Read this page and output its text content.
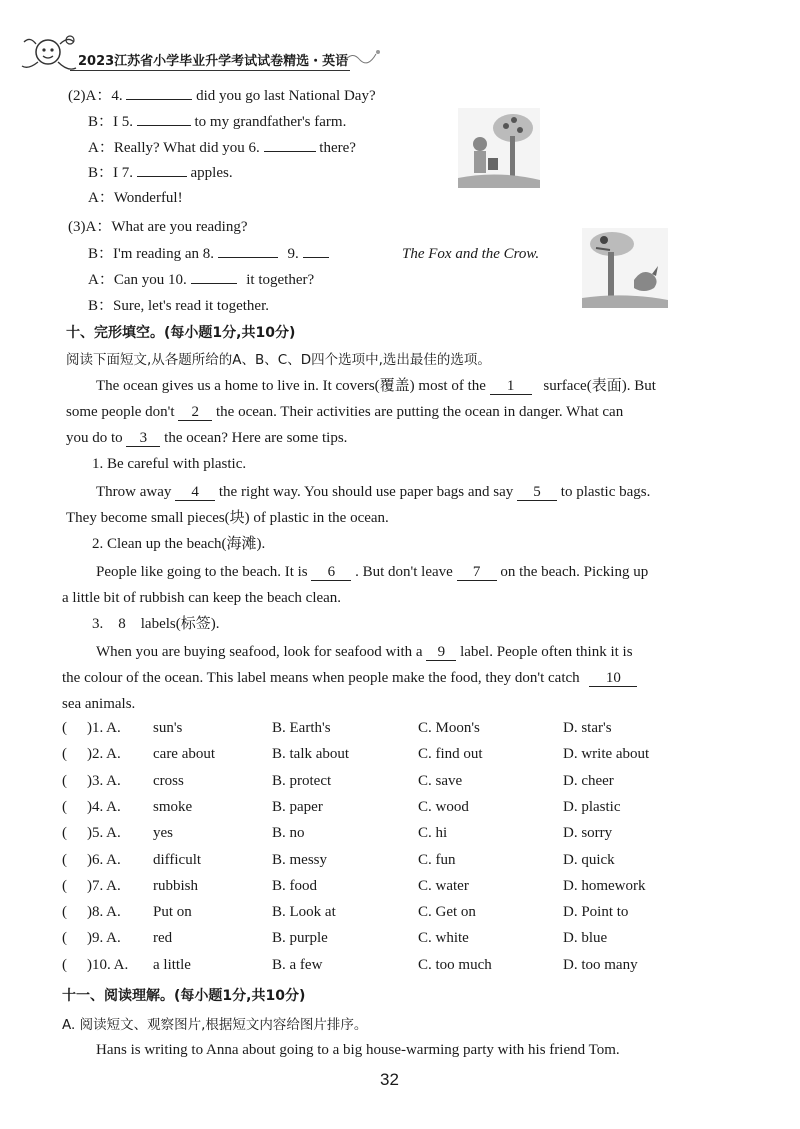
2023江苏省小学毕业升学考试试卷精选・英语
(2)A：4.	did you go last National Day?
B：I 5.	to my grandfather's farm.
A：Really? What did you 6.	there?
B：I 7.	apples.
A：Wonderful!
(3)A：What are you reading?
B：I'm reading an 8.	9.	The Fox and the Crow.
A：Can you 10.	it together?
B：Sure, let's read it together.
十、完形填空。(每小题1分,共10分)
阅读下面短文,从各题所给的A、B、C、D四个选项中,选出最佳的选项。
The ocean gives us a home to live in. It covers(覆盖) most of the 1 surface(表面). But
some people don't 2 the ocean. Their activities are putting the ocean in danger. What can
you do to 3 the ocean? Here are some tips.
1. Be careful with plastic.
Throw away 4 the right way. You should use paper bags and say 5 to plastic bags.
They become small pieces(块) of plastic in the ocean.
2. Clean up the beach(海滩).
People like going to the beach. It is 6 . But don't leave 7 on the beach. Picking up
a little bit of rubbish can keep the beach clean.
3. 8 labels(标签).
When you are buying seafood, look for seafood with a 9 label. People often think it is
the colour of the ocean. This label means when people make the food, they don't catch 10
sea animals.
( )1. A. sun's	B. Earth's	C. Moon's	D. star's
( )2. A. care about	B. talk about	C. find out	D. write about
( )3. A. cross	B. protect	C. save	D. cheer
( )4. A. smoke	B. paper	C. wood	D. plastic
( )5. A. yes	B. no	C. hi	D. sorry
( )6. A. difficult	B. messy	C. fun	D. quick
( )7. A. rubbish	B. food	C. water	D. homework
( )8. A. Put on	B. Look at	C. Get on	D. Point to
( )9. A. red	B. purple	C. white	D. blue
( )10. A. a little	B. a few	C. too much	D. too many
十一、阅读理解。(每小题1分,共10分)
A. 阅读短文、观察图片,根据短文内容给图片排序。
Hans is writing to Anna about going to a big house-warming party with his friend Tom.
32
